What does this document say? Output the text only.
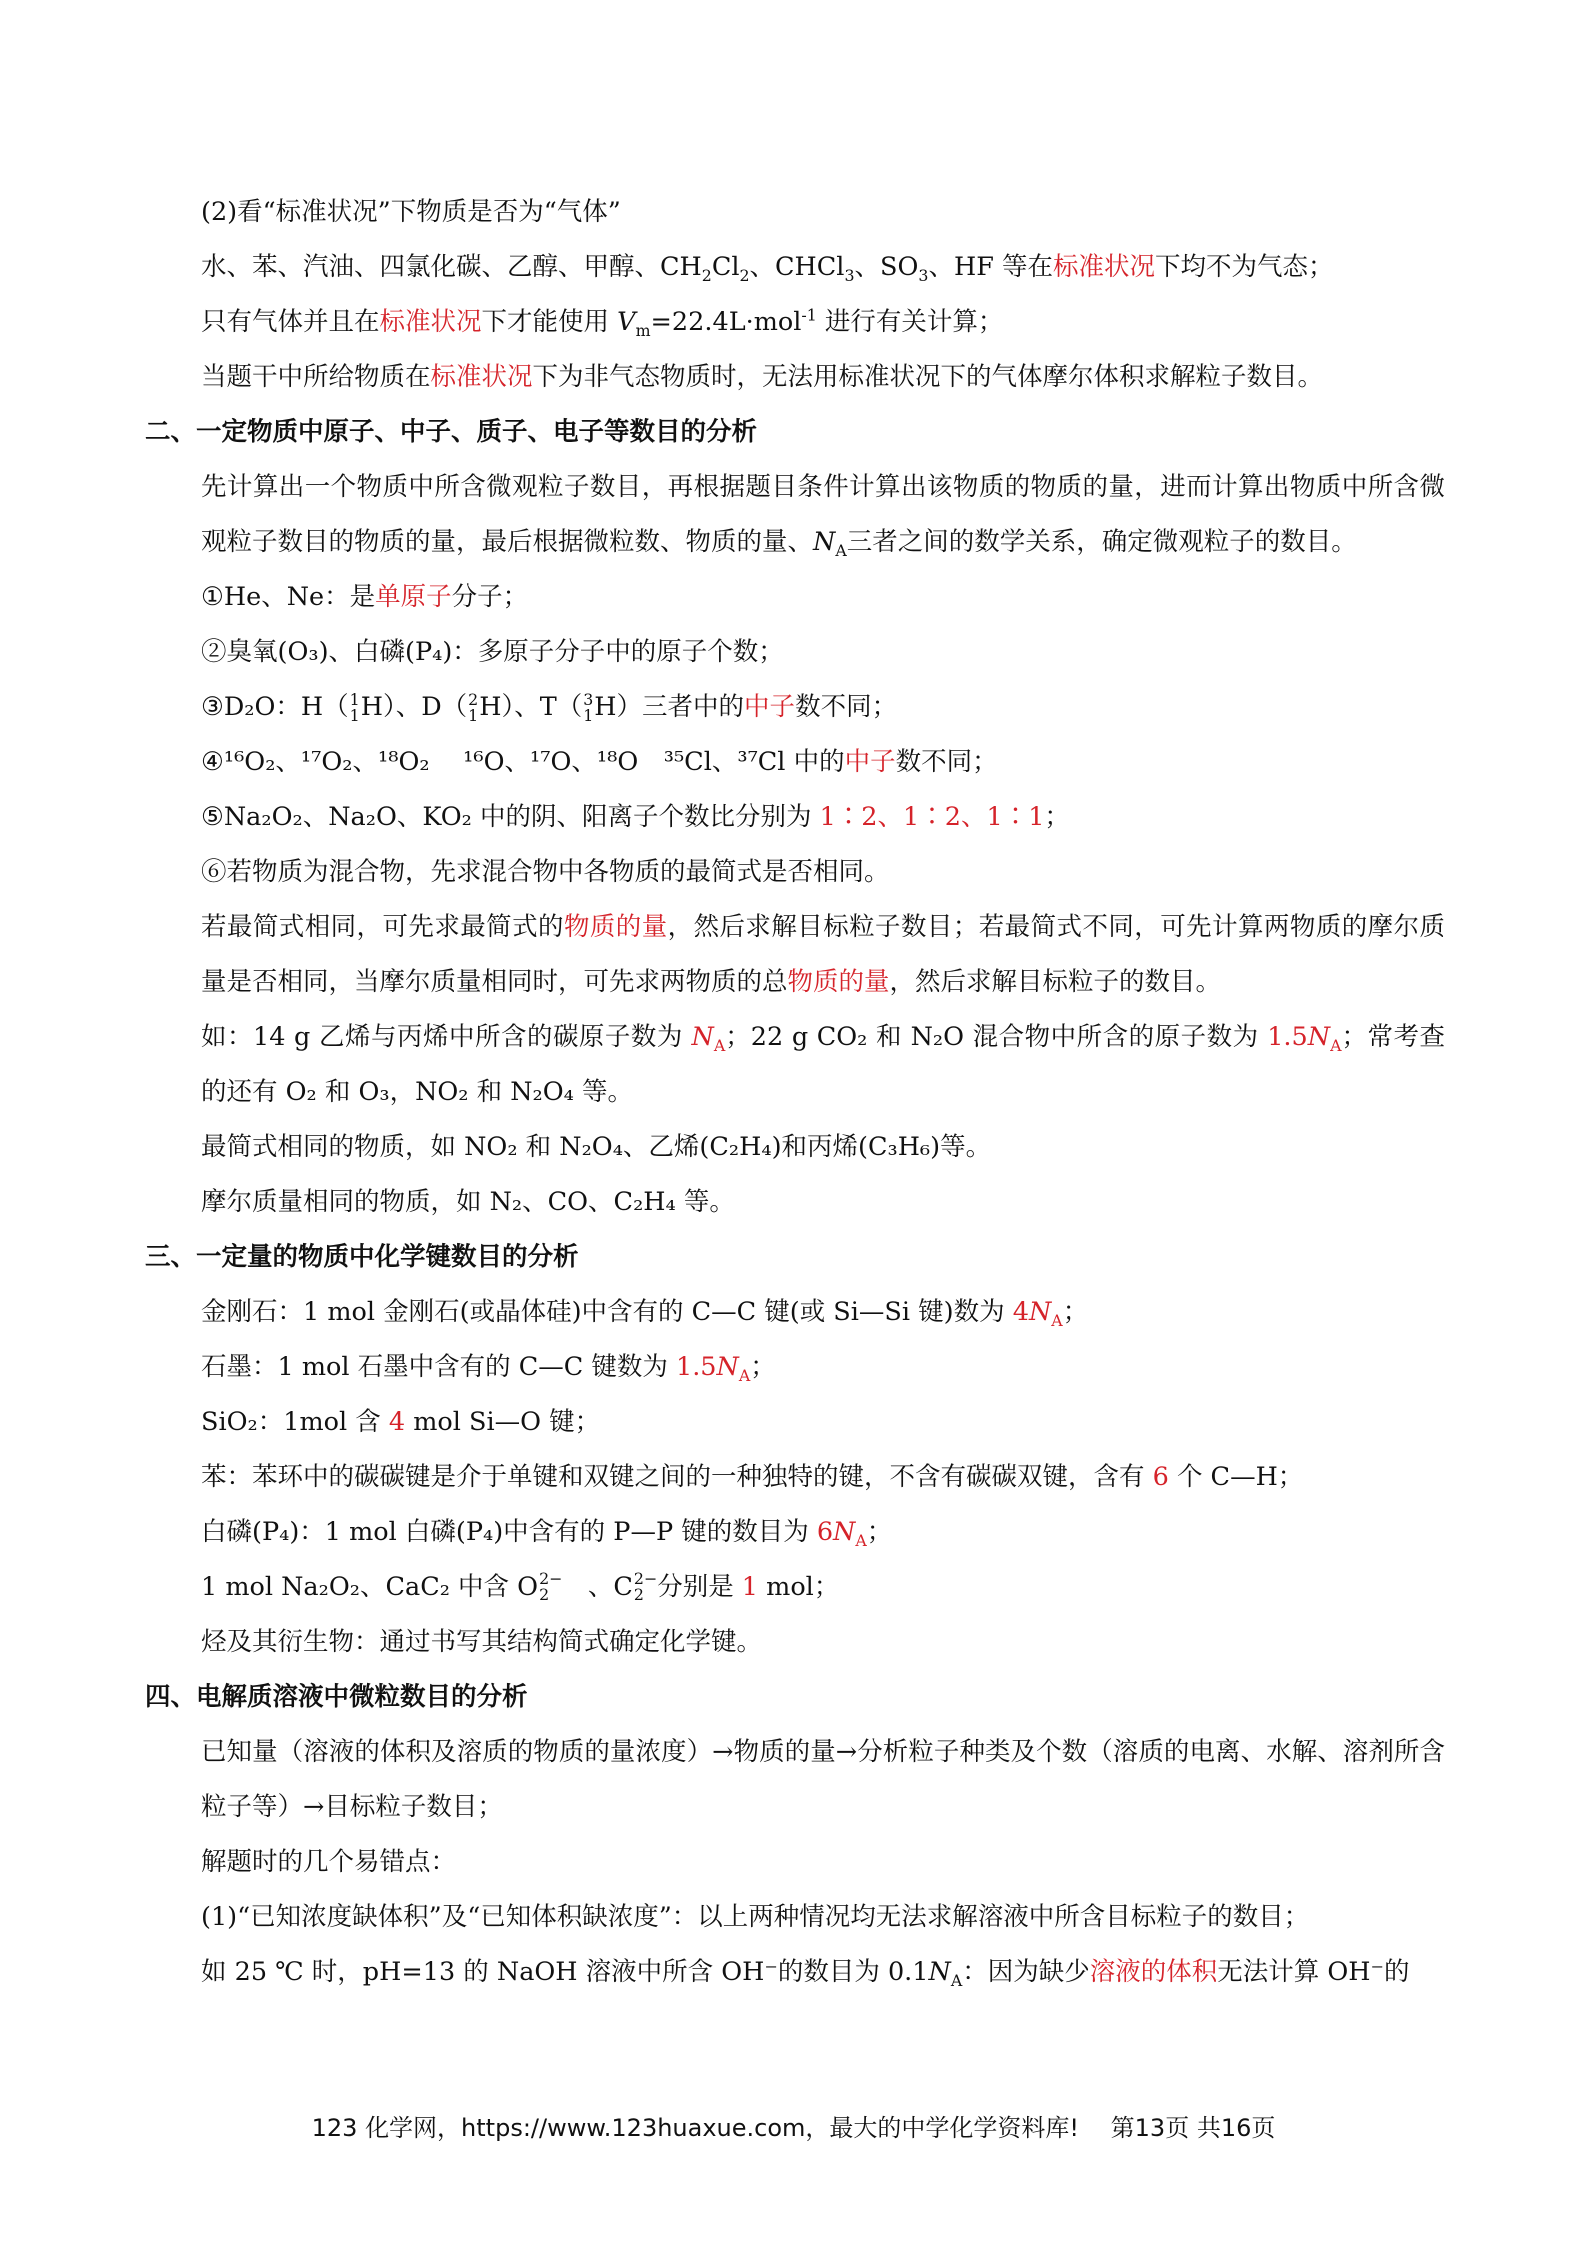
(2)看“标准状况”下物质是否为“气体”

水、苯、汽油、四氯化碳、乙醇、甲醇、$CH_2Cl_2$、CHCl$_3$、$SO_3$、HF 等在标准状况下均不为气态；

只有气体并且在标准状况下才能使用 $V_m=22.4L\cdot mol^{-1}$ 进行有关计算；

当题干中所给物质在标准状况下为非气态物质时，无法用标准状况下的气体摩尔体积求解粒子数目。

二、一定物质中原子、中子、质子、电子等数目的分析

先计算出一个物质中所含微观粒子数目，再根据题目条件计算出该物质的物质的量，进而计算出物质中所含微观粒子数目的物质的量，最后根据微粒数、物质的量、$N_A$三者之间的数学关系，确定微观粒子的数目。

①He、Ne：是单原子分子；

②臭氧(O₃)、白磷(P₄)：多原子分子中的原子个数；

③D₂O：H（ 1
1 H）、D（ 2
1 H）、T（ 3
1 H）三者中的中子数不同；

④¹⁶O₂、¹⁷O₂、¹⁸O₂　 ¹⁶O、¹⁷O、¹⁸O　³⁵Cl、³⁷Cl 中的中子数不同；

⑤Na₂O₂、Na₂O、KO₂ 中的阴、阳离子个数比分别为 1∶2、1∶2、1∶1；

⑥若物质为混合物，先求混合物中各物质的最简式是否相同。

若最简式相同，可先求最简式的物质的量，然后求解目标粒子数目；若最简式不同，可先计算两物质的摩尔质量是否相同，当摩尔质量相同时，可先求两物质的总物质的量，然后求解目标粒子的数目。

如：14 g 乙烯与丙烯中所含的碳原子数为 $N_A$；22 g CO₂ 和 N₂O 混合物中所含的原子数为 $1.5N_A$；常考查的还有 O₂ 和 O₃，NO₂ 和 N₂O₄ 等。

最简式相同的物质，如 NO₂ 和 N₂O₄、乙烯(C₂H₄)和丙烯(C₃H₆)等。

摩尔质量相同的物质，如 N₂、CO、C₂H₄ 等。

三、一定量的物质中化学键数目的分析

金刚石：1 mol 金刚石(或晶体硅)中含有的 C—C 键(或 Si—Si 键)数为 $4N_A$；

石墨：1 mol 石墨中含有的 C—C 键数为 $1.5N_A$；

SiO₂：1mol 含 4 mol Si—O 键；

苯：苯环中的碳碳键是介于单键和双键之间的一种独特的键，不含有碳碳双键，含有 6 个 C—H；

白磷(P₄)：1 mol 白磷(P₄)中含有的 P—P 键的数目为 $6N_A$；

1 mol Na₂O₂、CaC₂ 中含 O 2−
2
　	、C 2−
2 分别是 1 mol；

烃及其衍生物：通过书写其结构简式确定化学键。

四、电解质溶液中微粒数目的分析

已知量（溶液的体积及溶质的物质的量浓度）→物质的量→分析粒子种类及个数（溶质的电离、水解、溶剂所含粒子等）→目标粒子数目；

解题时的几个易错点：

(1)“已知浓度缺体积”及“已知体积缺浓度”：以上两种情况均无法求解溶液中所含目标粒子的数目；

如 25 ℃ 时，pH=13 的 NaOH 溶液中所含 OH⁻的数目为 $0.1N_A$：因为缺少溶液的体积无法计算 OH⁻的

123 化学网，https://www.123huaxue.com，最大的中学化学资料库!　 第13页 共16页
